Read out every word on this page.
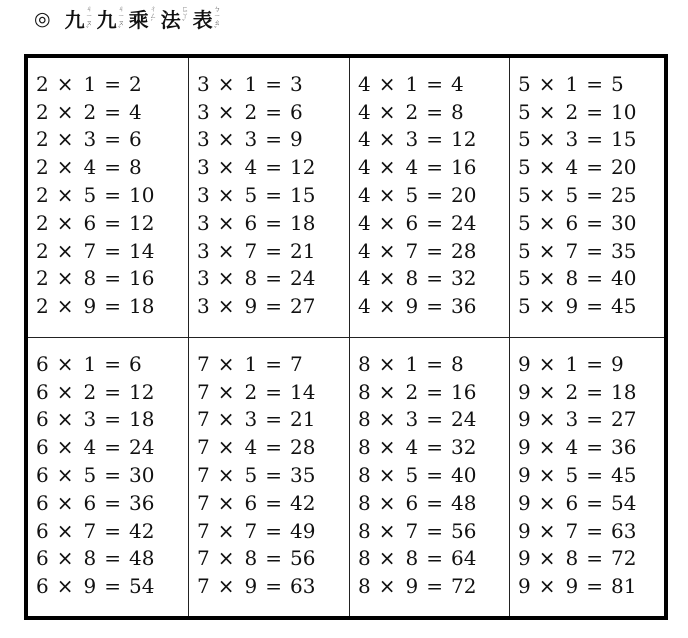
◎ 九 ㄐ
ㄧ
ㄡ
ˇ 九 ㄐ
ㄧ
ㄡ
ˇ 乘 ㄔ
ㄥ
ˊ 法 ㄈ
ㄚ
ˇ 表 ㄅ
ㄧ
ㄠ
ˇ
2 × 1 = 2
2 × 2 = 4
2 × 3 = 6
2 × 4 = 8
2 × 5 = 10
2 × 6 = 12
2 × 7 = 14
2 × 8 = 16
2 × 9 = 18
3 × 1 = 3
3 × 2 = 6
3 × 3 = 9
3 × 4 = 12
3 × 5 = 15
3 × 6 = 18
3 × 7 = 21
3 × 8 = 24
3 × 9 = 27
4 × 1 = 4
4 × 2 = 8
4 × 3 = 12
4 × 4 = 16
4 × 5 = 20
4 × 6 = 24
4 × 7 = 28
4 × 8 = 32
4 × 9 = 36
5 × 1 = 5
5 × 2 = 10
5 × 3 = 15
5 × 4 = 20
5 × 5 = 25
5 × 6 = 30
5 × 7 = 35
5 × 8 = 40
5 × 9 = 45
6 × 1 = 6
6 × 2 = 12
6 × 3 = 18
6 × 4 = 24
6 × 5 = 30
6 × 6 = 36
6 × 7 = 42
6 × 8 = 48
6 × 9 = 54
7 × 1 = 7
7 × 2 = 14
7 × 3 = 21
7 × 4 = 28
7 × 5 = 35
7 × 6 = 42
7 × 7 = 49
7 × 8 = 56
7 × 9 = 63
8 × 1 = 8
8 × 2 = 16
8 × 3 = 24
8 × 4 = 32
8 × 5 = 40
8 × 6 = 48
8 × 7 = 56
8 × 8 = 64
8 × 9 = 72
9 × 1 = 9
9 × 2 = 18
9 × 3 = 27
9 × 4 = 36
9 × 5 = 45
9 × 6 = 54
9 × 7 = 63
9 × 8 = 72
9 × 9 = 81
